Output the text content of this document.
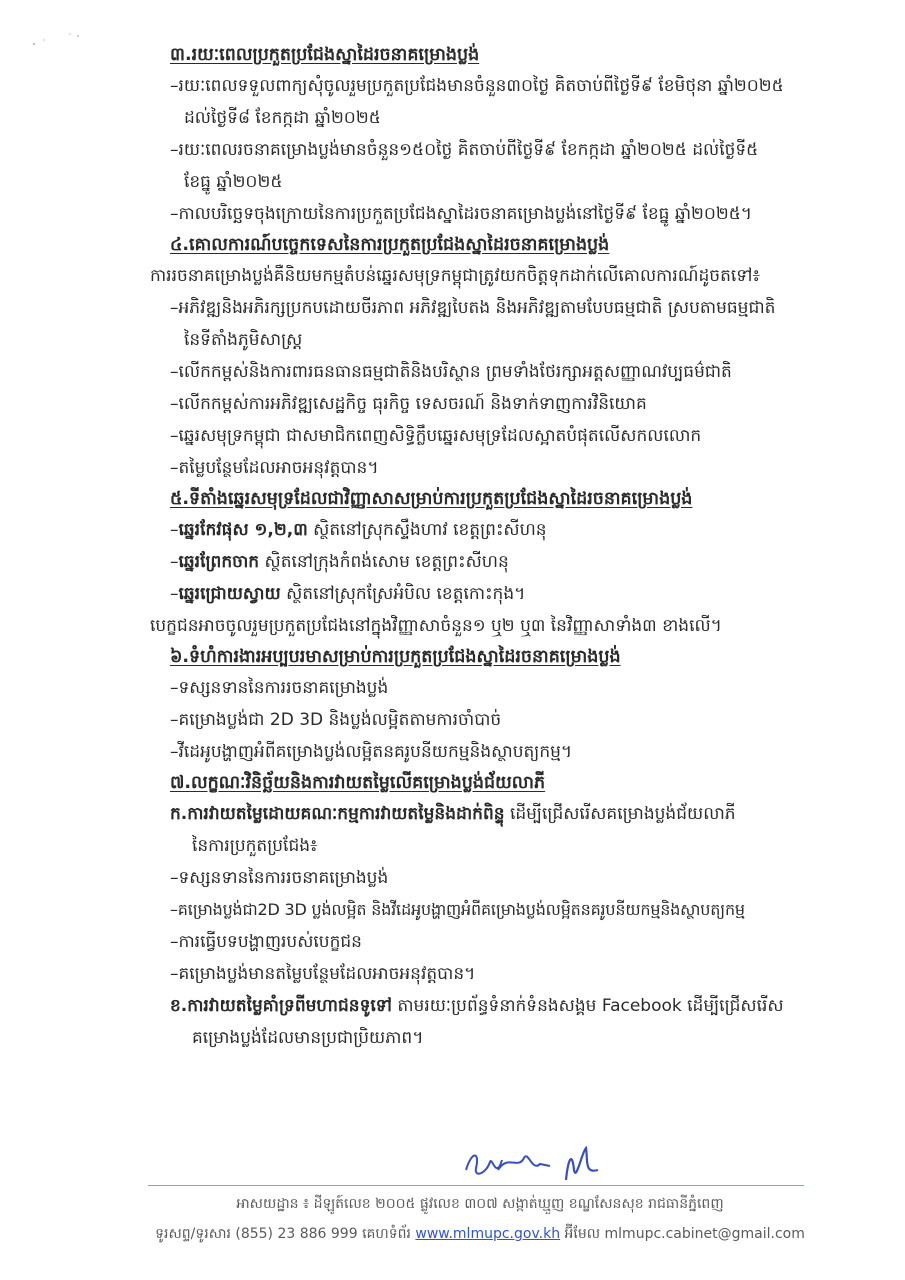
៣.រយៈពេលប្រកួតប្រជែងស្នាដៃរចនាគម្រោងប្លង់

–រយៈពេលទទួលពាក្យសុំចូលរួមប្រកួតប្រជែងមានចំនួន៣០ថ្ងៃ គិតចាប់ពីថ្ងៃទី៩ ខែមិថុនា ឆ្នាំ២០២៥
ដល់ថ្ងៃទី៨ ខែកក្កដា ឆ្នាំ២០២៥

–រយៈពេលរចនាគម្រោងប្លង់មានចំនួន១៥០ថ្ងៃ គិតចាប់ពីថ្ងៃទី៩ ខែកក្កដា ឆ្នាំ២០២៥ ដល់ថ្ងៃទី៥
ខែធ្នូ ឆ្នាំ២០២៥

–កាលបរិច្ឆេទចុងក្រោយនៃការប្រកួតប្រជែងស្នាដៃរចនាគម្រោងប្លង់នៅថ្ងៃទី៩ ខែធ្នូ ឆ្នាំ២០២៥។

៤.គោលការណ៍បច្ចេកទេសនៃការប្រកួតប្រជែងស្នាដៃរចនាគម្រោងប្លង់

ការរចនាគម្រោងប្លង់គឺនិយមកម្មតំបន់ឆ្នេរសមុទ្រកម្ពុជាត្រូវយកចិត្តទុកដាក់លើគោលការណ៍ដូចតទៅ៖

–អភិវឌ្ឍនិងអភិរក្សប្រកបដោយចីរភាព អភិវឌ្ឍបៃតង និងអភិវឌ្ឍតាមបែបធម្មជាតិ ស្របតាមធម្មជាតិ
នៃទីតាំងភូមិសាស្ត្រ

–លើកកម្ពស់និងការពារធនធានធម្មជាតិនិងបរិស្ថាន ព្រមទាំងថែរក្សាអត្តសញ្ញាណវប្បធម៌ជាតិ

–លើកកម្ពស់ការអភិវឌ្ឍសេដ្ឋកិច្ច ធុរកិច្ច ទេសចរណ៍ និងទាក់ទាញការវិនិយោគ

–ឆ្នេរសមុទ្រកម្ពុជា ជាសមាជិកពេញសិទ្ធិក្លឹបឆ្នេរសមុទ្រដែលស្អាតបំផុតលើសកលលោក

–តម្លៃបន្ថែមដែលអាចអនុវត្តបាន។

៥.ទីតាំងឆ្នេរសមុទ្រដែលជាវិញ្ញាសាសម្រាប់ការប្រកួតប្រជែងស្នាដៃរចនាគម្រោងប្លង់

–ឆ្នេរកែវផុស ១,២,៣ ស្ថិតនៅស្រុកស្ទឹងហាវ ខេត្តព្រះសីហនុ

–ឆ្នេរព្រែកចាក ស្ថិតនៅក្រុងកំពង់សោម ខេត្តព្រះសីហនុ

–ឆ្នេរជ្រោយស្វាយ ស្ថិតនៅស្រុកស្រែអំបិល ខេត្តកោះកុង។

បេក្ខជនអាចចូលរួមប្រកួតប្រជែងនៅក្នុងវិញ្ញាសាចំនួន១ ឬ២ ឬ៣ នៃវិញ្ញាសាទាំង៣ ខាងលើ។

៦.ទំហំការងារអប្បបរមាសម្រាប់ការប្រកួតប្រជែងស្នាដៃរចនាគម្រោងប្លង់

–ទស្សនទាននៃការរចនាគម្រោងប្លង់

–គម្រោងប្លង់ជា 2D 3D និងប្លង់លម្អិតតាមការចាំបាច់

–វីដេអូបង្ហាញអំពីគម្រោងប្លង់លម្អិតនគរូបនីយកម្មនិងស្ថាបត្យកម្ម។

៧.លក្ខណៈវិនិច្ឆ័យនិងការវាយតម្លៃលើគម្រោងប្លង់ជ័យលាភី

ក.ការវាយតម្លៃដោយគណៈកម្មការវាយតម្លៃនិងដាក់ពិន្ទុ ដើម្បីជ្រើសរើសគម្រោងប្លង់ជ័យលាភី
នៃការប្រកួតប្រជែង៖

–ទស្សនទាននៃការរចនាគម្រោងប្លង់

–គម្រោងប្លង់ជា2D 3D ប្លង់លម្អិត និងវីដេអូបង្ហាញអំពីគម្រោងប្លង់លម្អិតនគរូបនីយកម្មនិងស្ថាបត្យកម្ម

–ការធ្វើបទបង្ហាញរបស់បេក្ខជន

–គម្រោងប្លង់មានតម្លៃបន្ថែមដែលអាចអនុវត្តបាន។

ខ.ការវាយតម្លៃគាំទ្រពីមហាជនទូទៅ តាមរយៈប្រព័ន្ធទំនាក់ទំនងសង្គម Facebook ដើម្បីជ្រើសរើស
គម្រោងប្លង់ដែលមានប្រជាប្រិយភាព។

អាសយដ្ឋាន ៖ ដីឡូត៍លេខ ២០០៥ ផ្លូវលេខ ៣០៧ សង្កាត់ឃ្មួញ ខណ្ឌសែនសុខ រាជធានីភ្នំពេញ
ទូរសព្ទ/ទូរសារ (855) 23 886 999 គេហទំព័រ www.mlmupc.gov.kh អ៊ីមែល mlmupc.cabinet@gmail.com
